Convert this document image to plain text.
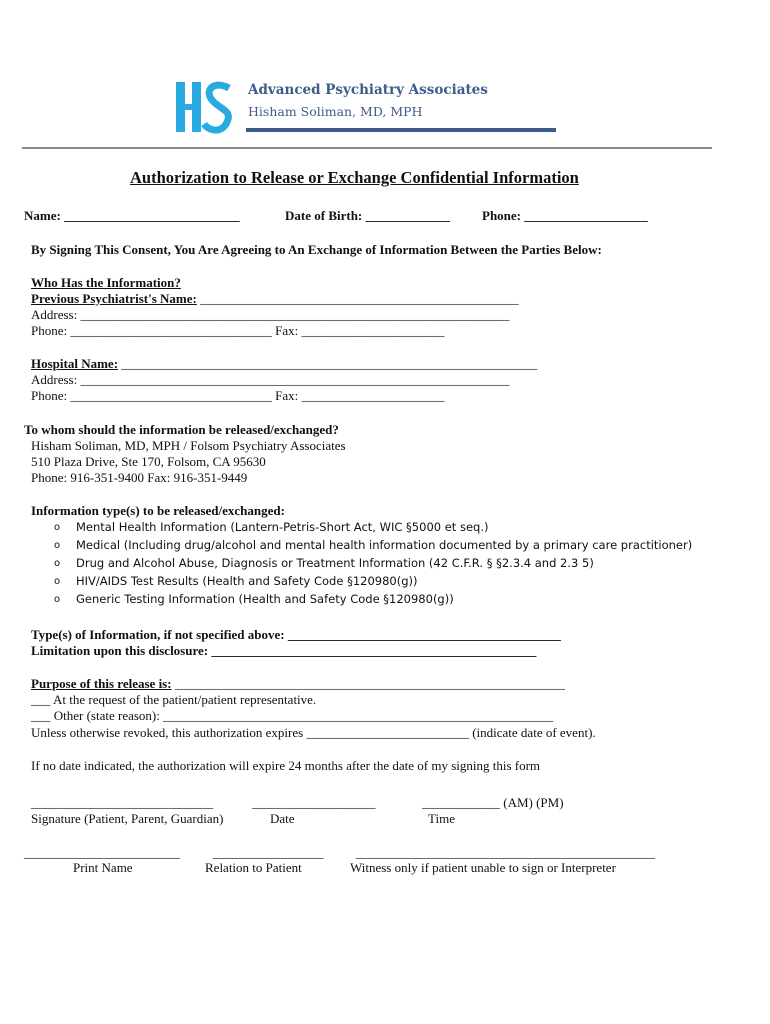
Advanced Psychiatry Associates
Hisham Soliman, MD, MPH
Authorization to Release or Exchange Confidential Information
Name: ___________________________	Date of Birth: _____________ Phone: ___________________
By Signing This Consent, You Are Agreeing to An Exchange of Information Between the Parties Below:
Who Has the Information?
Previous Psychiatrist's Name: _________________________________________________
Address: __________________________________________________________________
Phone: _______________________________ Fax: ______________________
Hospital Name: ________________________________________________________________
Address: __________________________________________________________________
Phone: _______________________________ Fax: ______________________
To whom should the information be released/exchanged?
Hisham Soliman, MD, MPH / Folsom Psychiatry Associates
510 Plaza Drive, Ste 170, Folsom, CA 95630
Phone: 916-351-9400 Fax: 916-351-9449
Information type(s) to be released/exchanged:
o Mental Health Information (Lantern-Petris-Short Act, WIC §5000 et seq.)
o Medical (Including drug/alcohol and mental health information documented by a primary care practitioner)
o Drug and Alcohol Abuse, Diagnosis or Treatment Information (42 C.F.R. § §2.3.4 and 2.3 5)
o HIV/AIDS Test Results (Health and Safety Code §120980(g))
o Generic Testing Information (Health and Safety Code §120980(g))
Type(s) of Information, if not specified above: __________________________________________
Limitation upon this disclosure: __________________________________________________
Purpose of this release is: ____________________________________________________________
___ At the request of the patient/patient representative.
___ Other (state reason): ____________________________________________________________
Unless otherwise revoked, this authorization expires _________________________ (indicate date of event).
If no date indicated, the authorization will expire 24 months after the date of my signing this form
____________________________
Signature (Patient, Parent, Guardian)
___________________
Date
____________ (AM) (PM)
Time
________________________
Print Name
_________________
Relation to Patient
______________________________________________
Witness only if patient unable to sign or Interpreter
